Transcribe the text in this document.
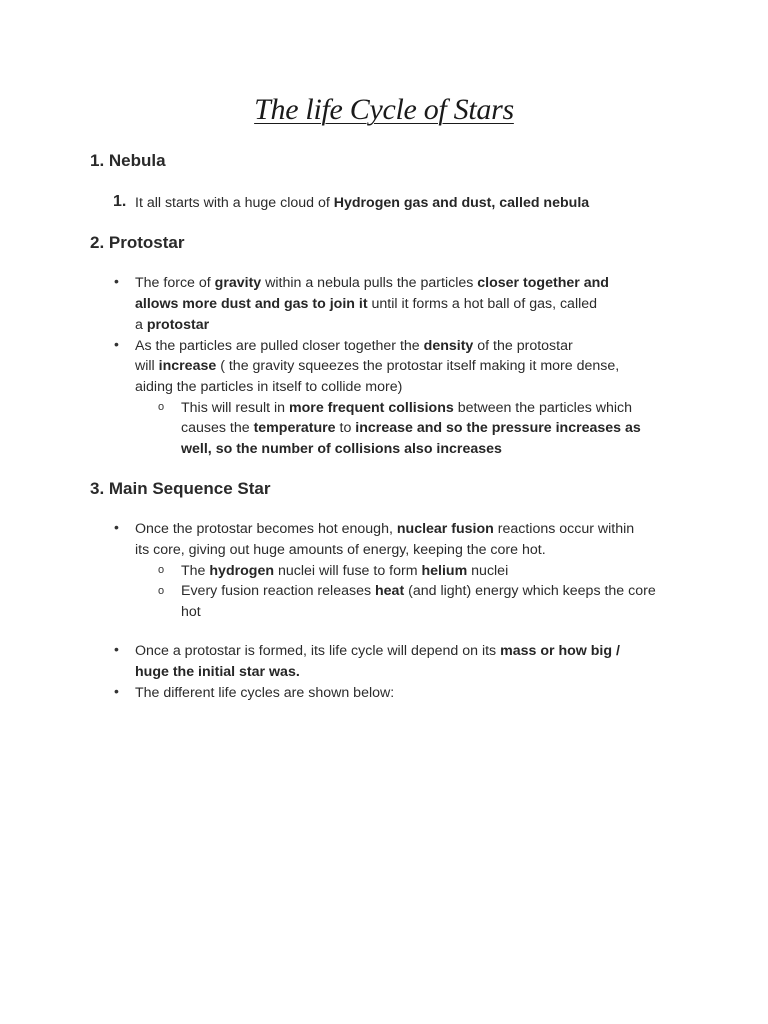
The life Cycle of Stars
1. Nebula
1. It all starts with a huge cloud of Hydrogen gas and dust, called nebula
2. Protostar
• The force of gravity within a nebula pulls the particles closer together and
allows more dust and gas to join it until it forms a hot ball of gas, called
a protostar
• As the particles are pulled closer together the density of the protostar
will increase ( the gravity squeezes the protostar itself making it more dense,
aiding the particles in itself to collide more)
o This will result in more frequent collisions between the particles which
causes the temperature to increase and so the pressure increases as
well, so the number of collisions also increases
3. Main Sequence Star
• Once the protostar becomes hot enough, nuclear fusion reactions occur within
its core, giving out huge amounts of energy, keeping the core hot.
o The hydrogen nuclei will fuse to form helium nuclei
o Every fusion reaction releases heat (and light) energy which keeps the core
hot
• Once a protostar is formed, its life cycle will depend on its mass or how big /
huge the initial star was.
• The different life cycles are shown below:
